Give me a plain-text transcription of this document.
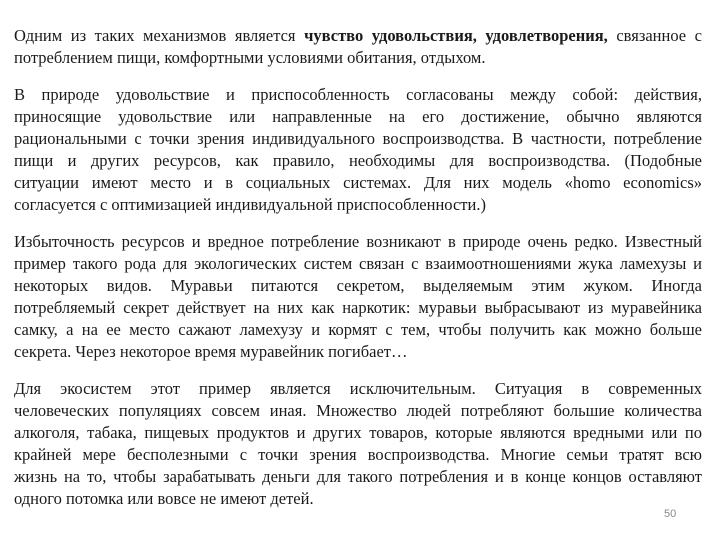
Одним из таких механизмов является чувство удовольствия, удовлетворения, связанное с
потреблением пищи, комфортными условиями обитания, отдыхом.
В природе удовольствие и приспособленность согласованы между собой: действия,
приносящие удовольствие или направленные на его достижение, обычно являются
рациональными с точки зрения индивидуального воспроизводства. В частности, потребление
пищи и других ресурсов, как правило, необходимы для воспроизводства. (Подобные
ситуации имеют место и в социальных системах. Для них модель «homo economics»
согласуется с оптимизацией индивидуальной приспособленности.)
Избыточность ресурсов и вредное потребление возникают в природе очень редко. Известный
пример такого рода для экологических систем связан с взаимоотношениями жука ламехузы и
некоторых видов. Муравьи питаются секретом, выделяемым этим жуком. Иногда
потребляемый секрет действует на них как наркотик: муравьи выбрасывают из муравейника
самку, а на ее место сажают ламехузу и кормят с тем, чтобы получить как можно больше
секрета. Через некоторое время муравейник погибает…
Для экосистем этот пример является исключительным. Ситуация в современных
человеческих популяциях совсем иная. Множество людей потребляют большие количества
алкоголя, табака, пищевых продуктов и других товаров, которые являются вредными или по
крайней мере бесполезными с точки зрения воспроизводства. Многие семьи тратят всю
жизнь на то, чтобы зарабатывать деньги для такого потребления и в конце концов оставляют
одного потомка или вовсе не имеют детей.
50
